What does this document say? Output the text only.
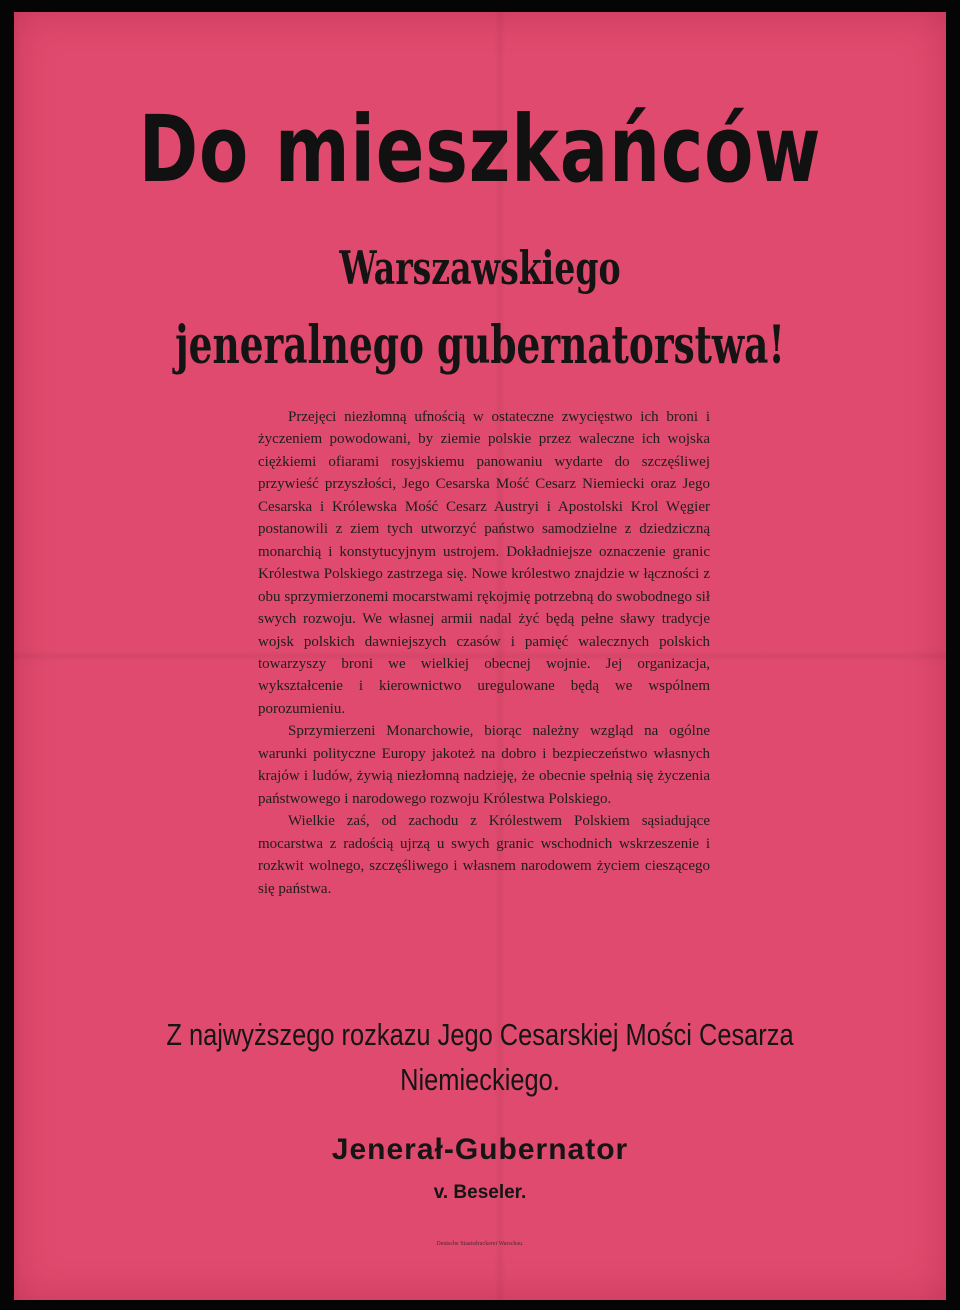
Do mieszkańców
Warszawskiego
jeneralnego gubernatorstwa!

Przejęci niezłomną ufnością w ostateczne zwycięstwo ich broni i życzeniem powodowani, by ziemie polskie przez waleczne ich wojska ciężkiemi ofiarami rosyjskiemu panowaniu wydarte do szczęśliwej przywieść przyszłości, Jego Cesarska Mość Cesarz Niemiecki oraz Jego Cesarska i Królewska Mość Cesarz Austryi i Apostolski Krol Węgier postanowili z ziem tych utworzyć państwo samodzielne z dziedziczną monarchią i konstytucyjnym ustrojem. Dokładniejsze oznaczenie granic Królestwa Polskiego zastrzega się. Nowe królestwo znajdzie w łączności z obu sprzymierzonemi mocarstwami rękojmię potrzebną do swobodnego sił swych rozwoju. We własnej armii nadal żyć będą pełne sławy tradycje wojsk polskich dawniejszych czasów i pamięć walecznych polskich towarzyszy broni we wielkiej obecnej wojnie. Jej organizacja, wykształcenie i kierownictwo uregulowane będą we wspólnem porozumieniu.

Sprzymierzeni Monarchowie, biorąc należny wzgląd na ogólne warunki polityczne Europy jakoteż na dobro i bezpieczeństwo własnych krajów i ludów, żywią niezłomną nadzieję, że obecnie spełnią się życzenia państwowego i narodowego rozwoju Królestwa Polskiego.

Wielkie zaś, od zachodu z Królestwem Polskiem sąsiadujące mocarstwa z radością ujrzą u swych granic wschodnich wskrzeszenie i rozkwit wolnego, szczęśliwego i własnem narodowem życiem cieszącego się państwa.

Z najwyższego rozkazu Jego Cesarskiej Mości Cesarza
Niemieckiego.
Jenerał-Gubernator
v. Beseler.
Deutsche Staatsdruckerei Warschau.
